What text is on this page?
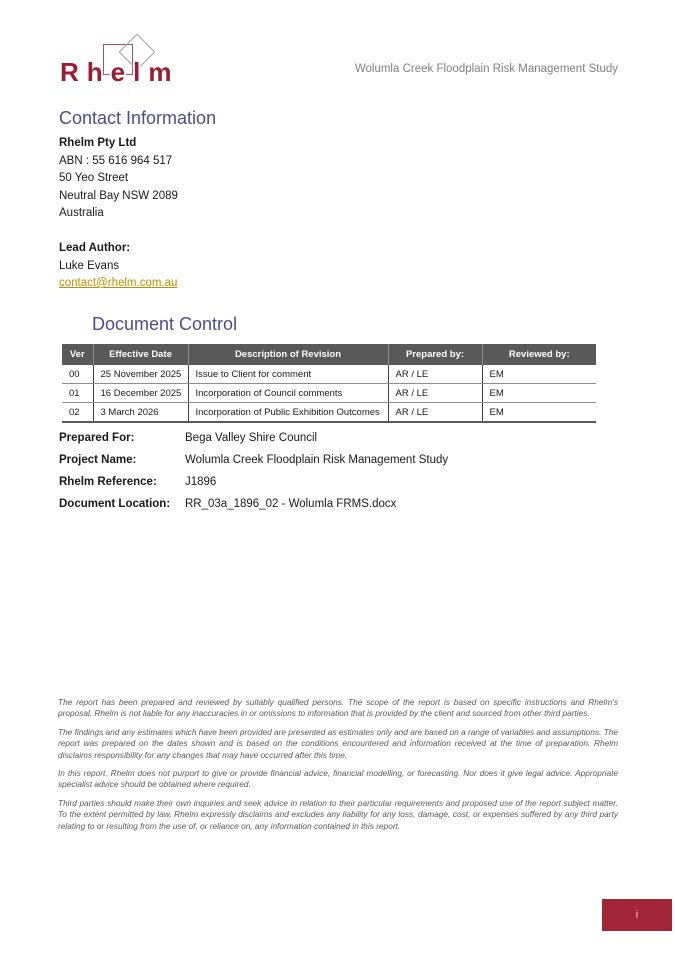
Rhelm	Wolumla Creek Floodplain Risk Management Study
Contact Information

Rhelm Pty Ltd

ABN : 55 616 964 517

50 Yeo Street

Neutral Bay NSW 2089

Australia

Lead Author:

Luke Evans

contact@rhelm.com.au

Document Control
Ver	Effective Date	Description of Revision	Prepared by:	Reviewed by:
00	25 November 2025	Issue to Client for comment	AR / LE	EM
01	16 December 2025	Incorporation of Council comments	AR / LE	EM
02	3 March 2026	Incorporation of Public Exhibition Outcomes	AR / LE	EM
Prepared For:	Bega Valley Shire Council
Project Name:	Wolumla Creek Floodplain Risk Management Study
Rhelm Reference:	J1896
Document Location:	RR_03a_1896_02 - Wolumla FRMS.docx

The report has been prepared and reviewed by suitably qualified persons. The scope of the report is based on specific instructions and Rhelm's proposal. Rhelm is not liable for any inaccuracies in or omissions to information that is provided by the client and sourced from other third parties.

The findings and any estimates which have been provided are presented as estimates only and are based on a range of variables and assumptions. The report was prepared on the dates shown and is based on the conditions encountered and information received at the time of preparation. Rhelm disclaims responsibility for any changes that may have occurred after this time.

In this report, Rhelm does not purport to give or provide financial advice, financial modelling, or forecasting. Nor does it give legal advice. Appropriate specialist advice should be obtained where required.

Third parties should make their own inquiries and seek advice in relation to their particular requirements and proposed use of the report subject matter. To the extent permitted by law, Rhelm expressly disclaims and excludes any liability for any loss, damage, cost, or expenses suffered by any third party relating to or resulting from the use of, or reliance on, any information contained in this report.

i
